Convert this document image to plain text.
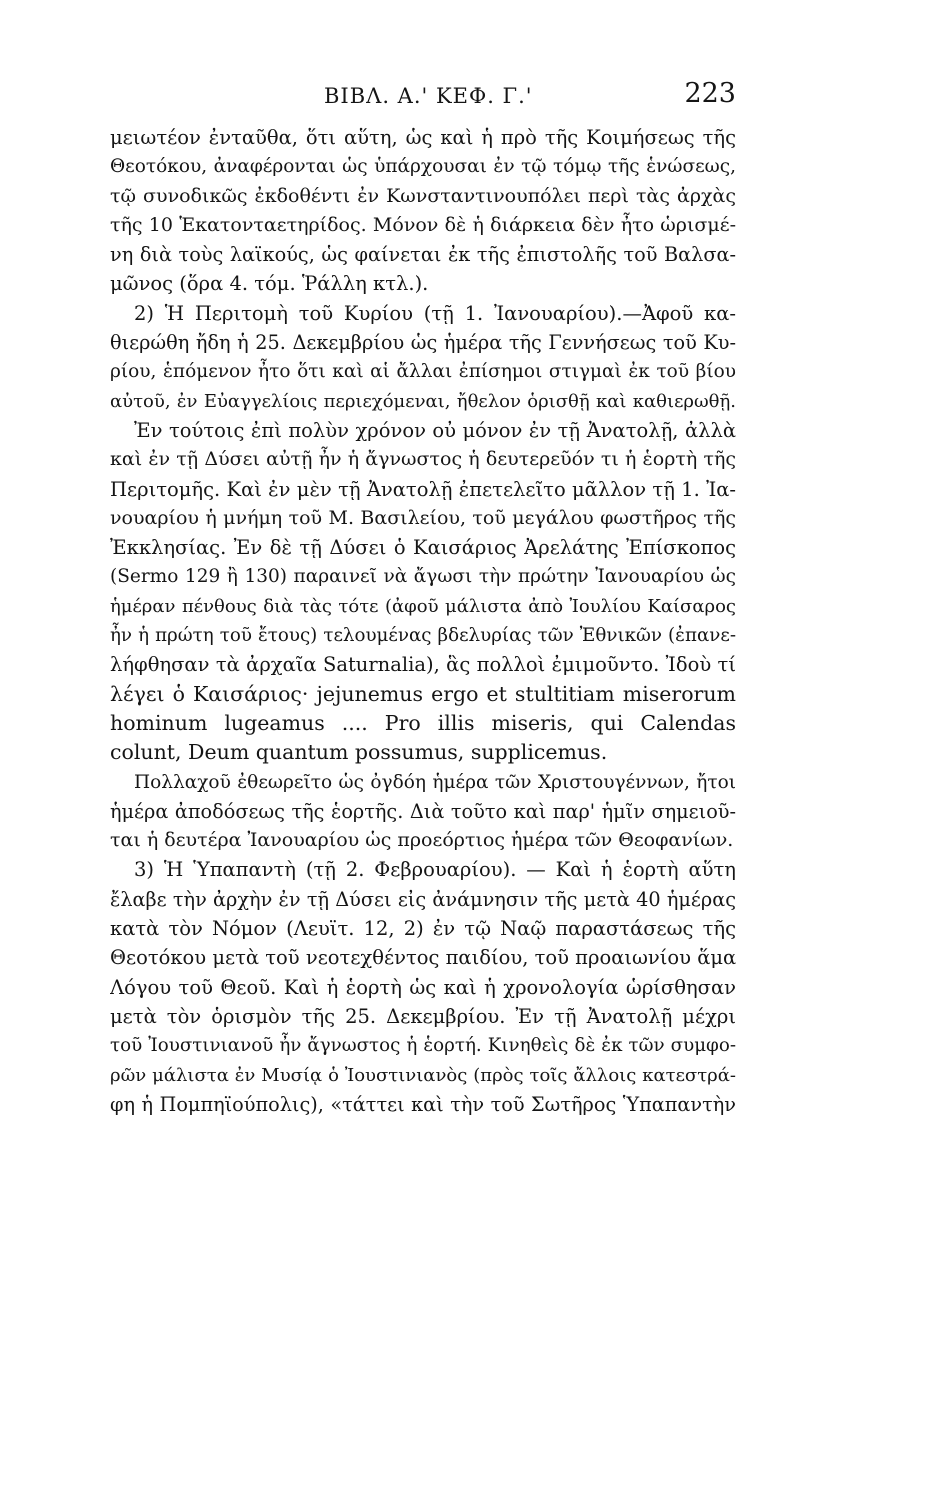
ΒΙΒΛ. Α.' ΚΕΦ. Γ.'	223
μειωτέον ἐνταῦθα, ὅτι αὕτη, ὡς καὶ ἡ πρὸ τῆς Κοιμήσεως τῆς
Θεοτόκου, ἀναφέρονται ὡς ὑπάρχουσαι ἐν τῷ τόμῳ τῆς ἑνώσεως,
τῷ συνοδικῶς ἐκδοθέντι ἐν Κωνσταντινουπόλει περὶ τὰς ἀρχὰς
τῆς 10 Ἑκατονταετηρίδος. Μόνον δὲ ἡ διάρκεια δὲν ἦτο ὡρισμέ-
νη διὰ τοὺς λαϊκούς, ὡς φαίνεται ἐκ τῆς ἐπιστολῆς τοῦ Βαλσα-
μῶνος (ὅρα 4. τόμ. Ῥάλλη κτλ.).
2) Ἡ Περιτομὴ τοῦ Κυρίου (τῇ 1. Ἰανουαρίου).—Ἀφοῦ κα-
θιερώθη ἤδη ἡ 25. Δεκεμβρίου ὡς ἡμέρα τῆς Γεννήσεως τοῦ Κυ-
ρίου, ἑπόμενον ἦτο ὅτι καὶ αἱ ἄλλαι ἐπίσημοι στιγμαὶ ἐκ τοῦ βίου
αὐτοῦ, ἐν Εὐαγγελίοις περιεχόμεναι, ἤθελον ὁρισθῇ καὶ καθιερωθῇ.
Ἐν τούτοις ἐπὶ πολὺν χρόνον οὐ μόνον ἐν τῇ Ἀνατολῇ, ἀλλὰ
καὶ ἐν τῇ Δύσει αὐτῇ ἦν ἡ ἄγνωστος ἡ δευτερεῦόν τι ἡ ἑορτὴ τῆς
Περιτομῆς. Καὶ ἐν μὲν τῇ Ἀνατολῇ ἐπετελεῖτο μᾶλλον τῇ 1. Ἰα-
νουαρίου ἡ μνήμη τοῦ Μ. Βασιλείου, τοῦ μεγάλου φωστῆρος τῆς
Ἐκκλησίας. Ἐν δὲ τῇ Δύσει ὁ Καισάριος Ἀρελάτης Ἐπίσκοπος
(Sermo 129 ἢ 130) παραινεῖ νὰ ἄγωσι τὴν πρώτην Ἰανουαρίου ὡς
ἡμέραν πένθους διὰ τὰς τότε (ἀφοῦ μάλιστα ἀπὸ Ἰουλίου Καίσαρος
ἦν ἡ πρώτη τοῦ ἔτους) τελουμένας βδελυρίας τῶν Ἐθνικῶν (ἐπανε-
λήφθησαν τὰ ἀρχαῖα Saturnalia), ἃς πολλοὶ ἐμιμοῦντο. Ἰδοὺ τί
λέγει ὁ Καισάριος· jejunemus ergo et stultitiam miserorum
hominum lugeamus .... Pro illis miseris, qui Calendas
colunt, Deum quantum possumus, supplicemus.
Πολλαχοῦ ἐθεωρεῖτο ὡς ὀγδόη ἡμέρα τῶν Χριστουγέννων, ἤτοι
ἡμέρα ἀποδόσεως τῆς ἑορτῆς. Διὰ τοῦτο καὶ παρ' ἡμῖν σημειοῦ-
ται ἡ δευτέρα Ἰανουαρίου ὡς προεόρτιος ἡμέρα τῶν Θεοφανίων.
3) Ἡ Ὑπαπαντὴ (τῇ 2. Φεβρουαρίου). — Καὶ ἡ ἑορτὴ αὕτη
ἔλαβε τὴν ἀρχὴν ἐν τῇ Δύσει εἰς ἀνάμνησιν τῆς μετὰ 40 ἡμέρας
κατὰ τὸν Νόμον (Λευϊτ. 12, 2) ἐν τῷ Ναῷ παραστάσεως τῆς
Θεοτόκου μετὰ τοῦ νεοτεχθέντος παιδίου, τοῦ προαιωνίου ἅμα
Λόγου τοῦ Θεοῦ. Καὶ ἡ ἑορτὴ ὡς καὶ ἡ χρονολογία ὡρίσθησαν
μετὰ τὸν ὁρισμὸν τῆς 25. Δεκεμβρίου. Ἐν τῇ Ἀνατολῇ μέχρι
τοῦ Ἰουστινιανοῦ ἦν ἄγνωστος ἡ ἑορτή. Κινηθεὶς δὲ ἐκ τῶν συμφο-
ρῶν μάλιστα ἐν Μυσίᾳ ὁ Ἰουστινιανὸς (πρὸς τοῖς ἄλλοις κατεστρά-
φη ἡ Πομπηϊούπολις), «τάττει καὶ τὴν τοῦ Σωτῆρος Ὑπαπαντὴν
